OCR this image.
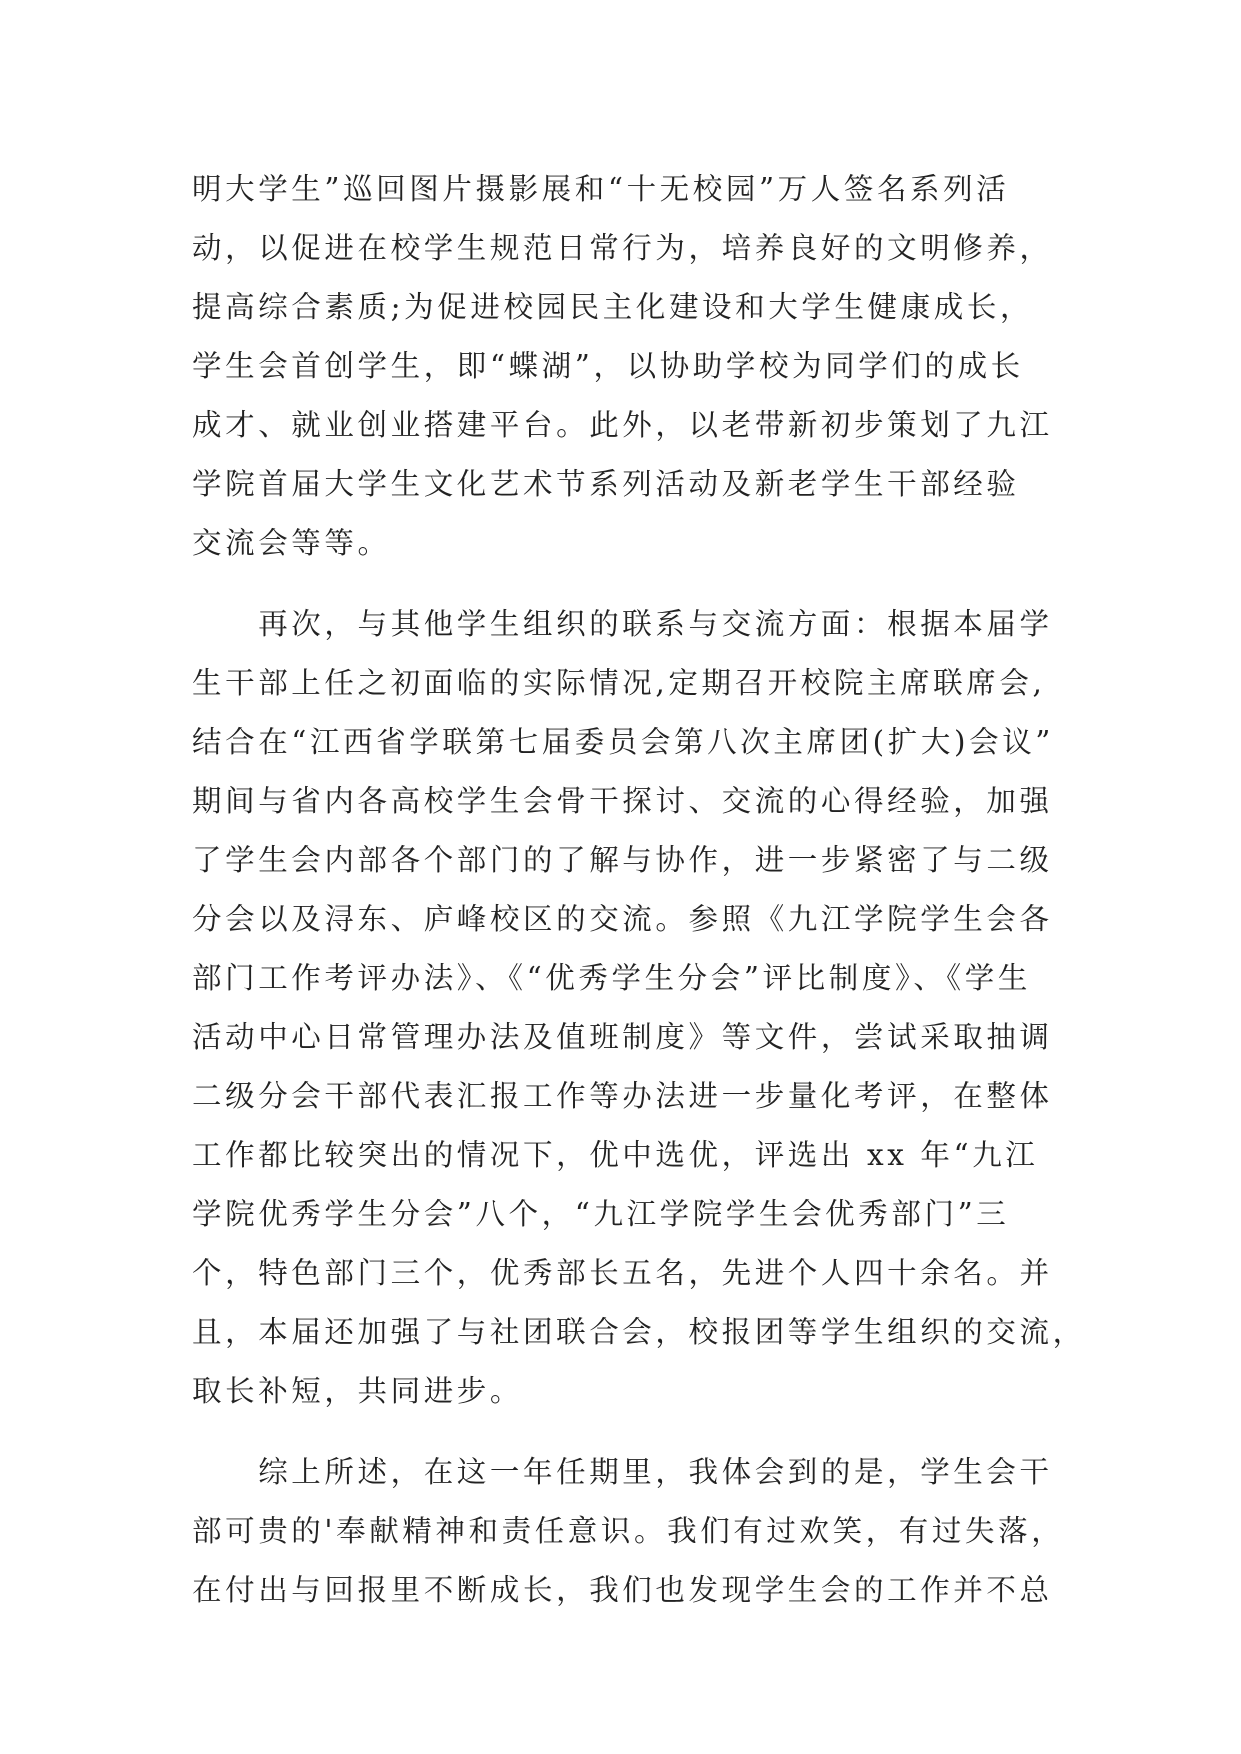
明大学生”巡回图片摄影展和“十无校园”万人签名系列活
动，以促进在校学生规范日常行为，培养良好的文明修养，
提高综合素质;为促进校园民主化建设和大学生健康成长，
学生会首创学生，即“蝶湖”，以协助学校为同学们的成长
成才、就业创业搭建平台。此外，以老带新初步策划了九江
学院首届大学生文化艺术节系列活动及新老学生干部经验
交流会等等。
　　再次，与其他学生组织的联系与交流方面：根据本届学
生干部上任之初面临的实际情况,定期召开校院主席联席会,
结合在“江西省学联第七届委员会第八次主席团(扩大)会议”
期间与省内各高校学生会骨干探讨、交流的心得经验，加强
了学生会内部各个部门的了解与协作，进一步紧密了与二级
分会以及浔东、庐峰校区的交流。参照《九江学院学生会各
部门工作考评办法》、《“优秀学生分会”评比制度》、《学生
活动中心日常管理办法及值班制度》等文件，尝试采取抽调
二级分会干部代表汇报工作等办法进一步量化考评，在整体
工作都比较突出的情况下，优中选优，评选出 xx 年“九江
学院优秀学生分会”八个，“九江学院学生会优秀部门”三
个，特色部门三个，优秀部长五名，先进个人四十余名。并
且，本届还加强了与社团联合会，校报团等学生组织的交流，
取长补短，共同进步。
　　综上所述，在这一年任期里，我体会到的是，学生会干
部可贵的'奉献精神和责任意识。我们有过欢笑，有过失落，
在付出与回报里不断成长，我们也发现学生会的工作并不总
